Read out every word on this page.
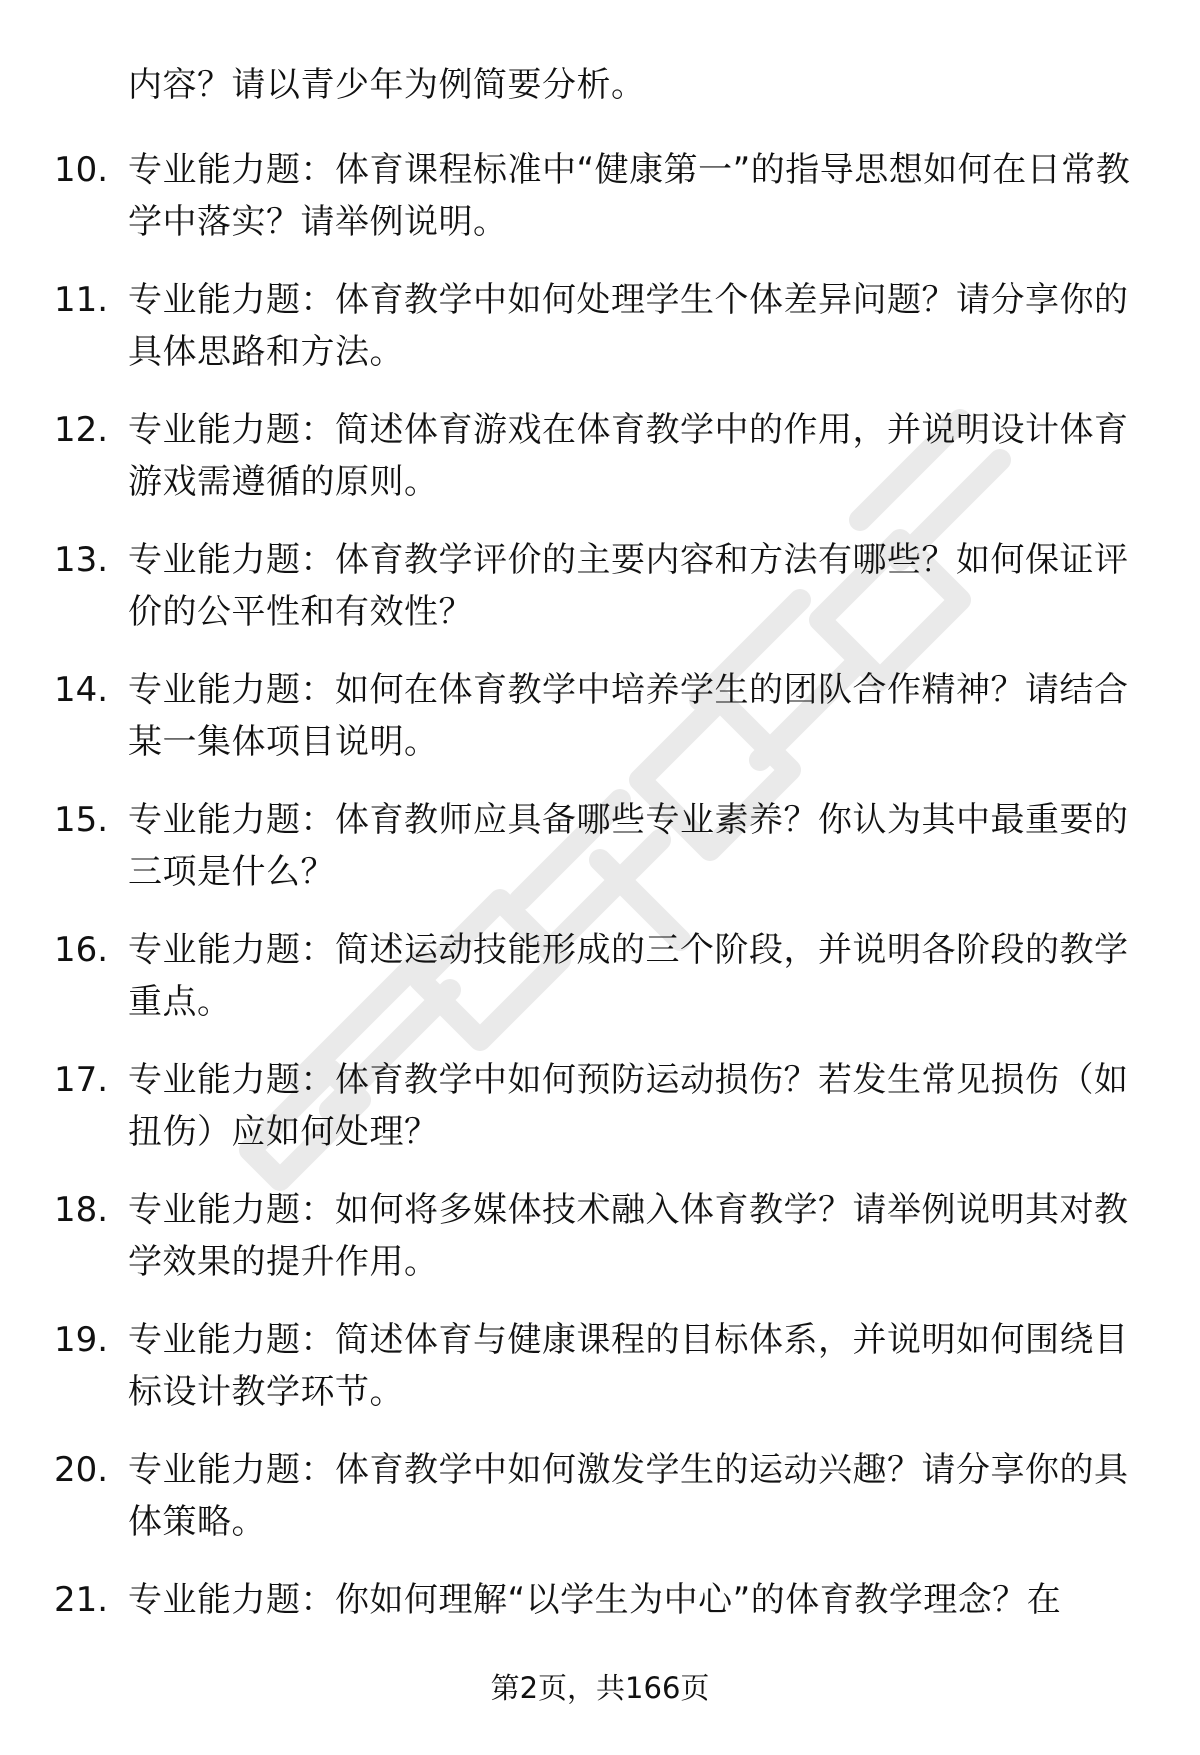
内容？请以青少年为例简要分析。
10. 专业能力题：体育课程标准中“健康第一”的指导思想如何在日常教学中落实？请举例说明。
11. 专业能力题：体育教学中如何处理学生个体差异问题？请分享你的具体思路和方法。
12. 专业能力题：简述体育游戏在体育教学中的作用，并说明设计体育游戏需遵循的原则。
13. 专业能力题：体育教学评价的主要内容和方法有哪些？如何保证评价的公平性和有效性？
14. 专业能力题：如何在体育教学中培养学生的团队合作精神？请结合某一集体项目说明。
15. 专业能力题：体育教师应具备哪些专业素养？你认为其中最重要的三项是什么？
16. 专业能力题：简述运动技能形成的三个阶段，并说明各阶段的教学重点。
17. 专业能力题：体育教学中如何预防运动损伤？若发生常见损伤（如扭伤）应如何处理？
18. 专业能力题：如何将多媒体技术融入体育教学？请举例说明其对教学效果的提升作用。
19. 专业能力题：简述体育与健康课程的目标体系，并说明如何围绕目标设计教学环节。
20. 专业能力题：体育教学中如何激发学生的运动兴趣？请分享你的具体策略。
21. 专业能力题：你如何理解“以学生为中心”的体育教学理念？在
第2页，共166页
